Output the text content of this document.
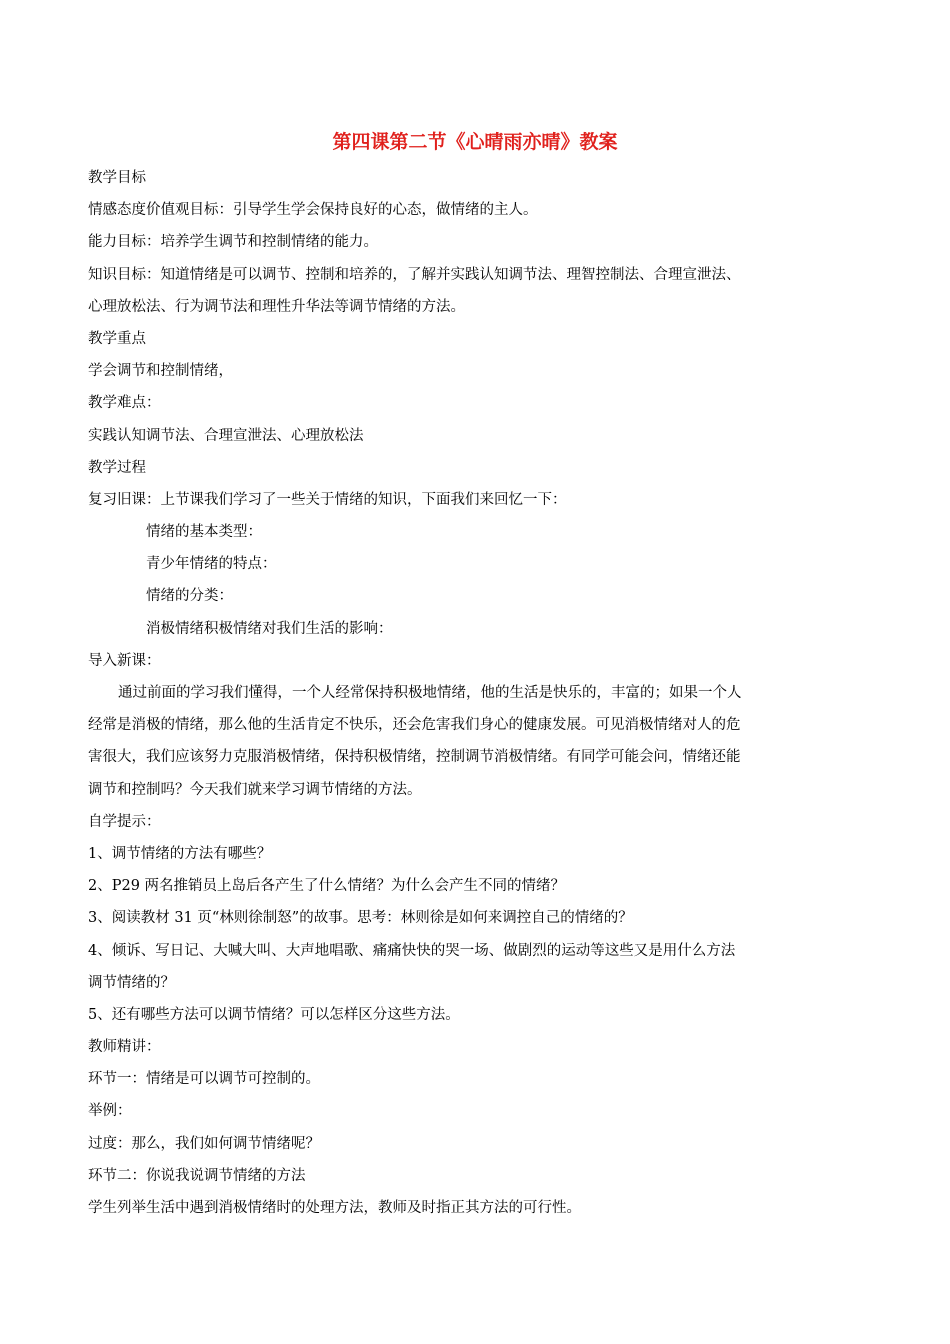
第四课第二节《心晴雨亦晴》教案
教学目标
情感态度价值观目标：引导学生学会保持良好的心态，做情绪的主人。
能力目标：培养学生调节和控制情绪的能力。
知识目标：知道情绪是可以调节、控制和培养的，了解并实践认知调节法、理智控制法、合理宣泄法、
心理放松法、行为调节法和理性升华法等调节情绪的方法。
教学重点
学会调节和控制情绪，
教学难点：
实践认知调节法、合理宣泄法、心理放松法
教学过程
复习旧课：上节课我们学习了一些关于情绪的知识，下面我们来回忆一下：
情绪的基本类型：
青少年情绪的特点：
情绪的分类：
消极情绪积极情绪对我们生活的影响：
导入新课：
通过前面的学习我们懂得，一个人经常保持积极地情绪，他的生活是快乐的，丰富的；如果一个人
经常是消极的情绪，那么他的生活肯定不快乐，还会危害我们身心的健康发展。可见消极情绪对人的危
害很大，我们应该努力克服消极情绪，保持积极情绪，控制调节消极情绪。有同学可能会问，情绪还能
调节和控制吗？今天我们就来学习调节情绪的方法。
自学提示：
1、调节情绪的方法有哪些？
2、P29 两名推销员上岛后各产生了什么情绪？为什么会产生不同的情绪？
3、阅读教材 31 页“林则徐制怒”的故事。思考：林则徐是如何来调控自己的情绪的？
4、倾诉、写日记、大喊大叫、大声地唱歌、痛痛快快的哭一场、做剧烈的运动等这些又是用什么方法
调节情绪的？
5、还有哪些方法可以调节情绪？可以怎样区分这些方法。
教师精讲：
环节一：情绪是可以调节可控制的。
举例：
过度：那么，我们如何调节情绪呢？
环节二：你说我说调节情绪的方法
学生列举生活中遇到消极情绪时的处理方法，教师及时指正其方法的可行性。
